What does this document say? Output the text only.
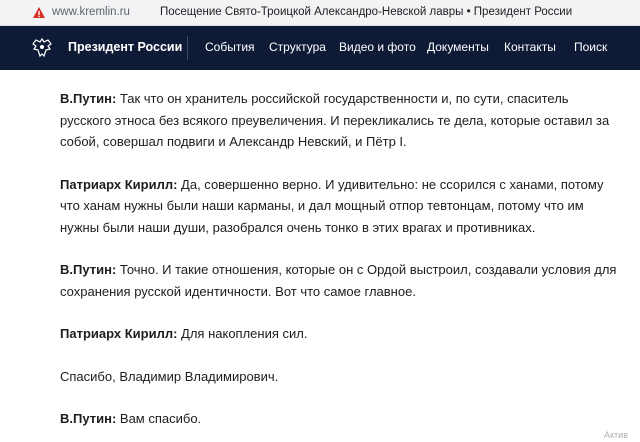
www.kremlin.ru	Посещение Свято-Троицкой Александро-Невской лавры • Президент России
Президент России События Структура Видео и фото Документы Контакты Поиск

В.Путин: Так что он хранитель российской государственности и, по сути, спаситель русского этноса без всякого преувеличения. И перекликались те дела, которые оставил за собой, совершал подвиги и Александр Невский, и Пётр I.

Патриарх Кирилл: Да, совершенно верно. И удивительно: не ссорился с ханами, потому что ханам нужны были наши карманы, и дал мощный отпор тевтонцам, потому что им нужны были наши души, разобрался очень тонко в этих врагах и противниках.

В.Путин: Точно. И такие отношения, которые он с Ордой выстроил, создавали условия для сохранения русской идентичности. Вот что самое главное.

Патриарх Кирилл: Для накопления сил.

Спасибо, Владимир Владимирович.

В.Путин: Вам спасибо.

Актив
